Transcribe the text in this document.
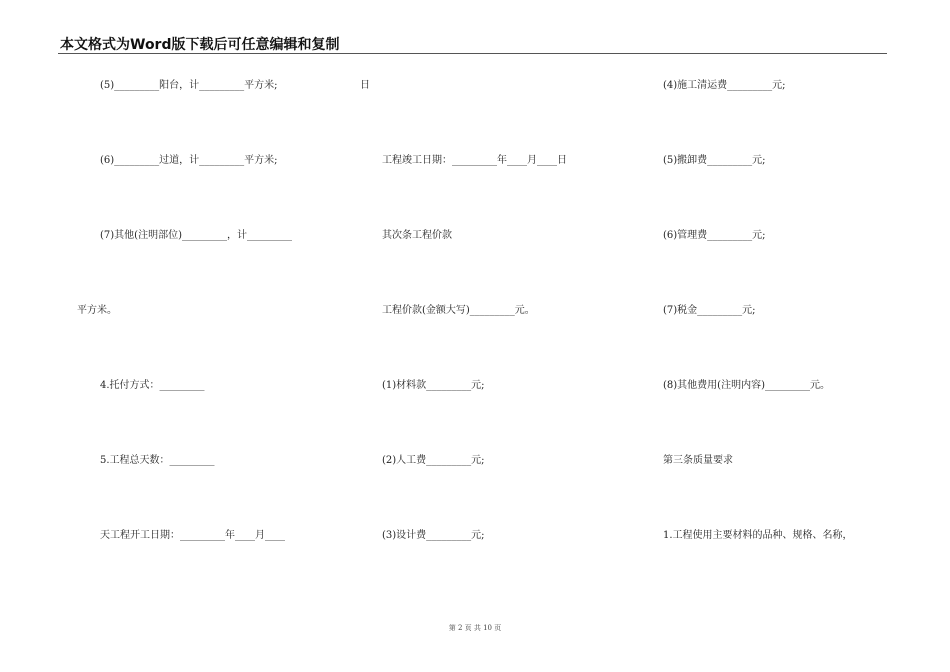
本文格式为Word版下载后可任意编辑和复制
(5)_________阳台，计_________平方米;
(6)_________过道，计_________平方米;
(7)其他(注明部位)_________，计_________
平方米。
4.托付方式：_________
5.工程总天数：_________
天工程开工日期：_________年____月____
日
工程竣工日期：_________年____月____日
其次条工程价款
工程价款(金额大写)_________元。
(1)材料款_________元;
(2)人工费_________元;
(3)设计费_________元;
(4)施工清运费_________元;
(5)搬卸费_________元;
(6)管理费_________元;
(7)税金_________元;
(8)其他费用(注明内容)_________元。
第三条质量要求
1.工程使用主要材料的品种、规格、名称，
第 2 页 共 10 页
